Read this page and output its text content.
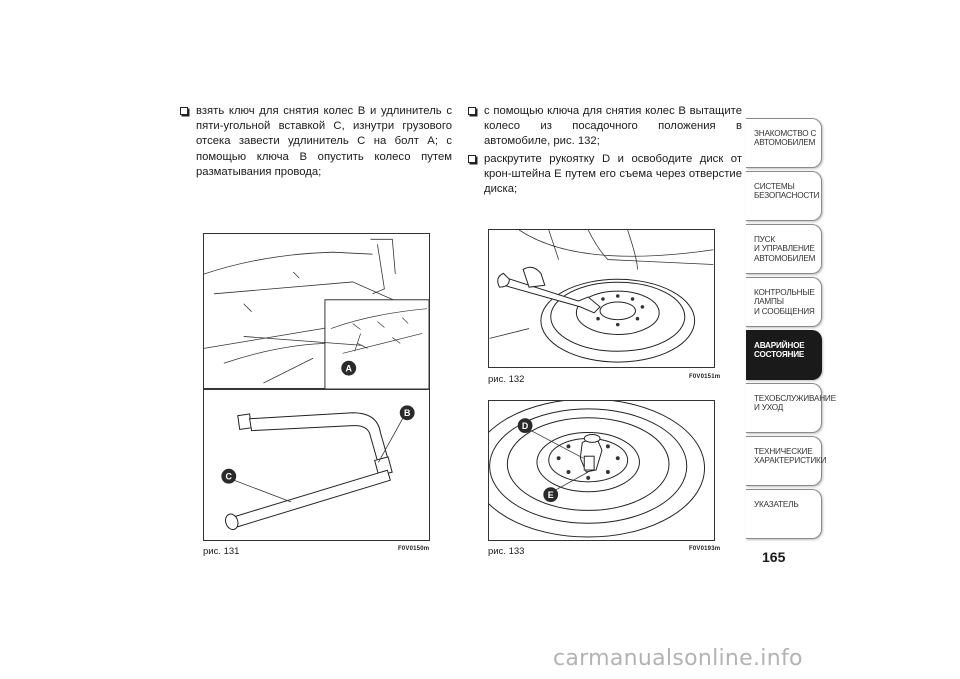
взять ключ для снятия колес B и удлинитель с пяти-угольной вставкой C, изнутри грузового отсека завести удлинитель C на болт A; с помощью ключа B опустить колесо путем разматывания провода;
с помощью ключа для снятия колес B вытащите колесо из посадочного положения в автомобиле, рис. 132;
раскрутите рукоятку D и освободите диск от крон-штейна E путем его съема через отверстие диска;
A
B
C
рис. 131	F0V0150m
рис. 132	F0V0151m
D
E
рис. 133	F0V0193m
ЗНАКОМСТВО С
АВТОМОБИЛЕМ
СИСТЕМЫ
БЕЗОПАСНОСТИ
ПУСК
И УПРАВЛЕНИЕ
АВТОМОБИЛЕМ
КОНТРОЛЬНЫЕ
ЛАМПЫ
И СООБЩЕНИЯ
АВАРИЙНОЕ
СОСТОЯНИЕ
ТЕХОБСЛУЖИВАНИЕ
И УХОД
ТЕХНИЧЕСКИЕ
ХАРАКТЕРИСТИКИ
УКАЗАТЕЛЬ
165
carmanualsonline.info
